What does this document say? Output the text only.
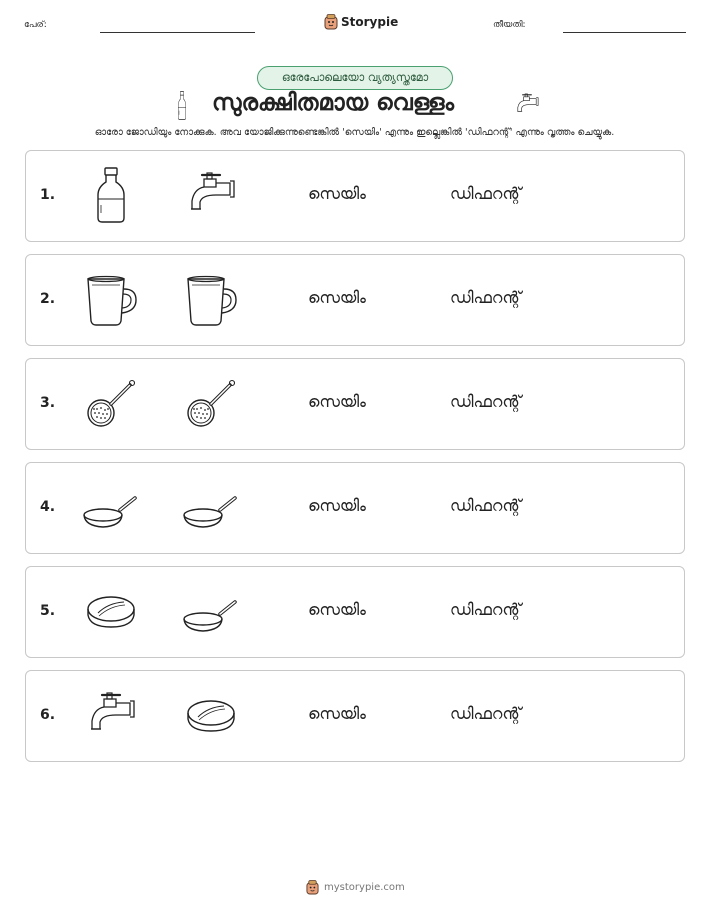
പേര്:	Storypie	തീയതി:
ഒരേപോലെയോ വ്യത്യസ്തമോ
സുരക്ഷിതമായ വെള്ളം
ഓരോ ജോഡിയും നോക്കുക. അവ യോജിക്കുന്നുണ്ടെങ്കിൽ 'സെയിം' എന്നും ഇല്ലെങ്കിൽ 'ഡിഫറന്റ്' എന്നും വൃത്തം ചെയ്യുക.
1.	സെയിം	ഡിഫറന്റ്
2.	സെയിം	ഡിഫറന്റ്
3.	സെയിം	ഡിഫറന്റ്
4.	സെയിം	ഡിഫറന്റ്
5.	സെയിം	ഡിഫറന്റ്
6.	സെയിം	ഡിഫറന്റ്
mystorypie.com
